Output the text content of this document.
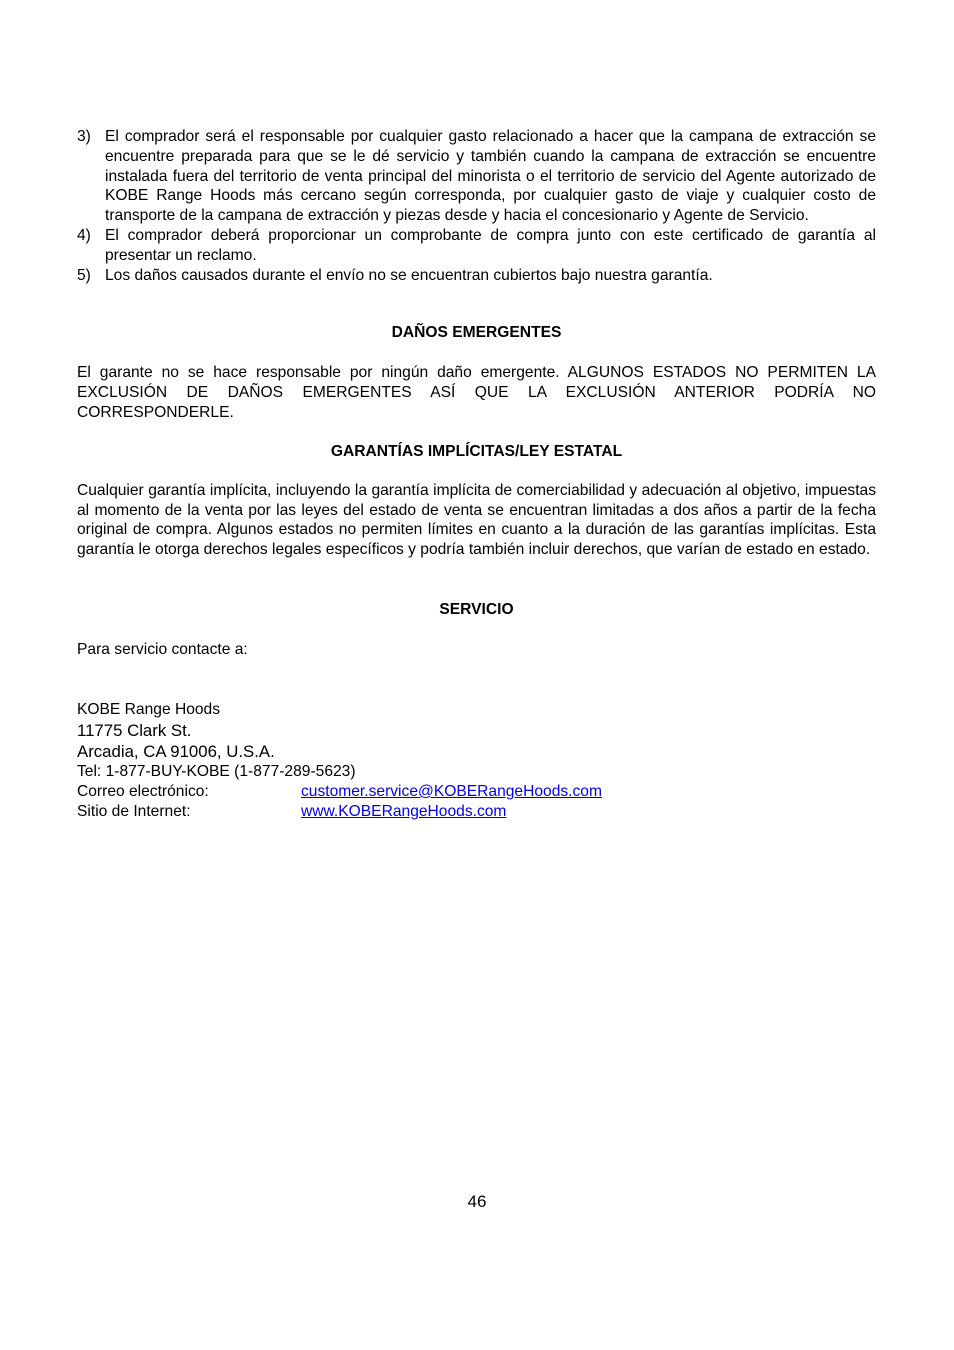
3) El comprador será el responsable por cualquier gasto relacionado a hacer que la campana de extracción se encuentre preparada para que se le dé servicio y también cuando la campana de extracción se encuentre instalada fuera del territorio de venta principal del minorista o el territorio de servicio del Agente autorizado de KOBE Range Hoods más cercano según corresponda, por cualquier gasto de viaje y cualquier costo de transporte de la campana de extracción y piezas desde y hacia el concesionario y Agente de Servicio.
4) El comprador deberá proporcionar un comprobante de compra junto con este certificado de garantía al presentar un reclamo.
5) Los daños causados durante el envío no se encuentran cubiertos bajo nuestra garantía.
DAÑOS EMERGENTES
El garante no se hace responsable por ningún daño emergente. ALGUNOS ESTADOS NO PERMITEN LA EXCLUSIÓN DE DAÑOS EMERGENTES ASÍ QUE LA EXCLUSIÓN ANTERIOR PODRÍA NO CORRESPONDERLE.
GARANTÍAS IMPLÍCITAS/LEY ESTATAL
Cualquier garantía implícita, incluyendo la garantía implícita de comerciabilidad y adecuación al objetivo, impuestas al momento de la venta por las leyes del estado de venta se encuentran limitadas a dos años a partir de la fecha original de compra. Algunos estados no permiten límites en cuanto a la duración de las garantías implícitas. Esta garantía le otorga derechos legales específicos y podría también incluir derechos, que varían de estado en estado.
SERVICIO
Para servicio contacte a:
KOBE Range Hoods
11775 Clark St.
Arcadia, CA 91006, U.S.A.
Tel: 1-877-BUY-KOBE (1-877-289-5623)
Correo electrónico:	customer.service@KOBERangeHoods.com
Sitio de Internet:	www.KOBERangeHoods.com
46
